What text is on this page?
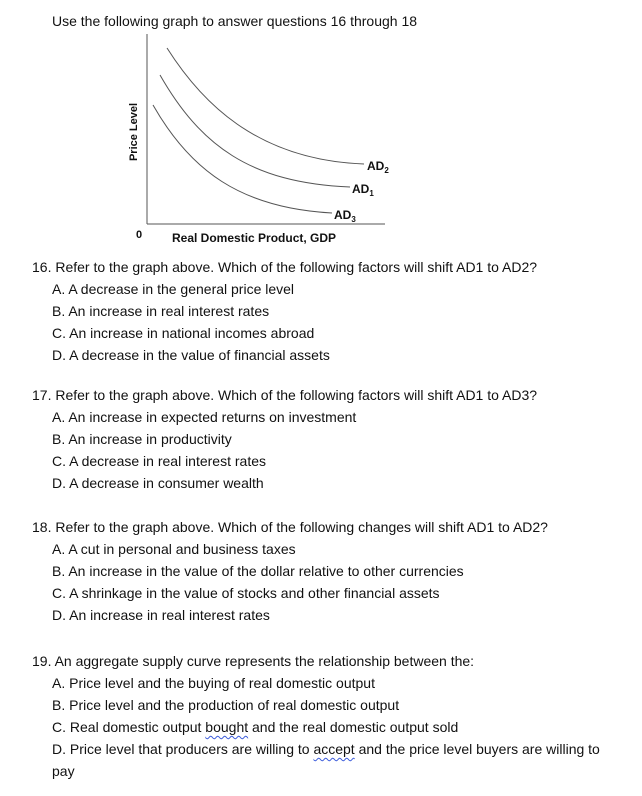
Use the following graph to answer questions 16 through 18
$AD_2$
$AD_1$
$AD_3$
Price Level
Real Domestic Product, GDP
0
16. Refer to the graph above. Which of the following factors will shift AD1 to AD2?
A. A decrease in the general price level
B. An increase in real interest rates
C. An increase in national incomes abroad
D. A decrease in the value of financial assets
17. Refer to the graph above. Which of the following factors will shift AD1 to AD3?
A. An increase in expected returns on investment
B. An increase in productivity
C. A decrease in real interest rates
D. A decrease in consumer wealth
18. Refer to the graph above. Which of the following changes will shift AD1 to AD2?
A. A cut in personal and business taxes
B. An increase in the value of the dollar relative to other currencies
C. A shrinkage in the value of stocks and other financial assets
D. An increase in real interest rates
19. An aggregate supply curve represents the relationship between the:
A. Price level and the buying of real domestic output
B. Price level and the production of real domestic output
C. Real domestic output bought and the real domestic output sold
D. Price level that producers are willing to accept and the price level buyers are willing to pay
